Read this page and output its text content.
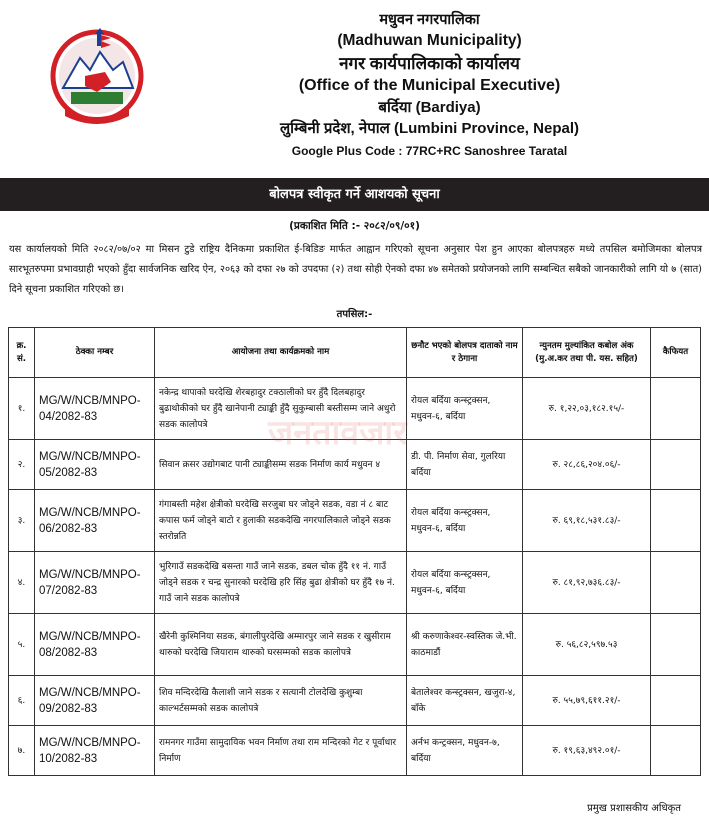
मधुवन नगरपालिका
(Madhuwan Municipality)
नगर कार्यपालिकाको कार्यालय
(Office of the Municipal Executive)
बर्दिया (Bardiya)
लुम्बिनी प्रदेश, नेपाल (Lumbini Province, Nepal)
Google Plus Code : 77RC+RC Sanoshree Taratal
बोलपत्र स्वीकृत गर्ने आशयको सूचना
(प्रकाशित मिति :- २०८२/०९/०१)
यस कार्यालयको मिति २०८२/०७/०२ मा मिसन टुडे राष्ट्रिय दैनिकमा प्रकाशित ई-बिडिङ मार्फत आह्वान गरिएको सूचना अनुसार पेश हुन आएका बोलपत्रहरु मध्ये तपसिल बमोजिमका बोलपत्र सारभूतरुपमा प्रभावग्राही भएको हुँदा सार्वजनिक खरिद ऐन, २०६३ को दफा २७ को उपदफा (२) तथा सोही ऐनको दफा ४७ समेतको प्रयोजनको लागि सम्बन्धित सबैको जानकारीको लागि यो ७ (सात) दिने सूचना प्रकाशित गरिएको छ।
तपसिल:-
क्र. सं.	ठेक्का नम्बर	आयोजना तथा कार्यक्रमको नाम	छनौट भएको बोलपत्र दाताको नाम र ठेगाना	न्युनतम मुल्यांकित कबोल अंक (मु.अ.कर तथा पी. यस. सहित)	कैफियत
१.	MG/W/NCB/MNPO-04/2082-83	नकेन्द्र थापाको घरदेखि शेरबहादुर टक्ठालीको घर हुँदै दिलबहादुर बुढाथोकीको घर हुँदै खानेपानी ट्याङ्की हुँदै सुकुम्बासी बस्तीसम्म जाने अधुरो सडक कालोपत्रे	रोयल बर्दिया कन्स्ट्रक्सन, मधुवन-६, बर्दिया	रु. १,२२,०३,१८२.१५/-	
२.	MG/W/NCB/MNPO-05/2082-83	सिवान क्रसर उद्योगबाट पानी ट्याङ्कीसम्म सडक निर्माण कार्य मधुवन ४	डी. पी. निर्माण सेवा, गुलरिया बर्दिया	रु. २८,८६,२०४.०६/-	
३.	MG/W/NCB/MNPO-06/2082-83	गंगाबस्ती महेश क्षेत्रीको घरदेखि सरजुबा घर जोड्ने सडक, वडा नं ८ बाट कपास फर्म जोड्ने बाटो र हुलाकी सडकदेखि नगरपालिकाले जोड्ने सडक स्तरोन्नति	रोयल बर्दिया कन्स्ट्रक्सन, मधुवन-६, बर्दिया	रु. ६९,१८,५३१.८३/-	
४.	MG/W/NCB/MNPO-07/2082-83	भुरिगाउँ सडकदेखि बसन्ता गाउँ जाने सडक, डबल चोक हुँदै ११ नं. गाउँ जोड्ने सडक र चन्द्र सुनारको घरदेखि हरि सिंह बुढा क्षेत्रीको घर हुँदै १७ नं. गाउँ जाने सडक कालोपत्रे	रोयल बर्दिया कन्स्ट्रक्सन, मधुवन-६, बर्दिया	रु. ८१,९२,७३६.८३/-	
५.	MG/W/NCB/MNPO-08/2082-83	खैरेनी कुश्मिनिया सडक, बंगालीपुरदेखि अम्मारपुर जाने सडक र खुसीराम थारुको घरदेखि जियाराम थारुको घरसम्मको सडक कालोपत्रे	श्री करुणाकेश्वर-स्वस्तिक जे.भी. काठमाडौं	रु. ५६,८२,५९७.५३	
६.	MG/W/NCB/MNPO-09/2082-83	शिव मन्दिरदेखि कैलाशी जाने सडक र सत्यानी टोलदेखि कुशुम्बा काल्भर्टसम्मको सडक कालोपत्रे	बेतालेश्वर कन्स्ट्रक्सन, खजुरा-४, बाँके	रु. ५५,७९,६११.२१/-	
७.	MG/W/NCB/MNPO-10/2082-83	रामनगर गाउँमा सामुदायिक भवन निर्माण तथा राम मन्दिरको गेट र पूर्वाधार निर्माण	अर्नभ कन्ट्रक्सन, मधुवन-७, बर्दिया	रु. १९,६३,४९२.०१/-	
जनतावजार
प्रमुख प्रशासकीय अधिकृत
